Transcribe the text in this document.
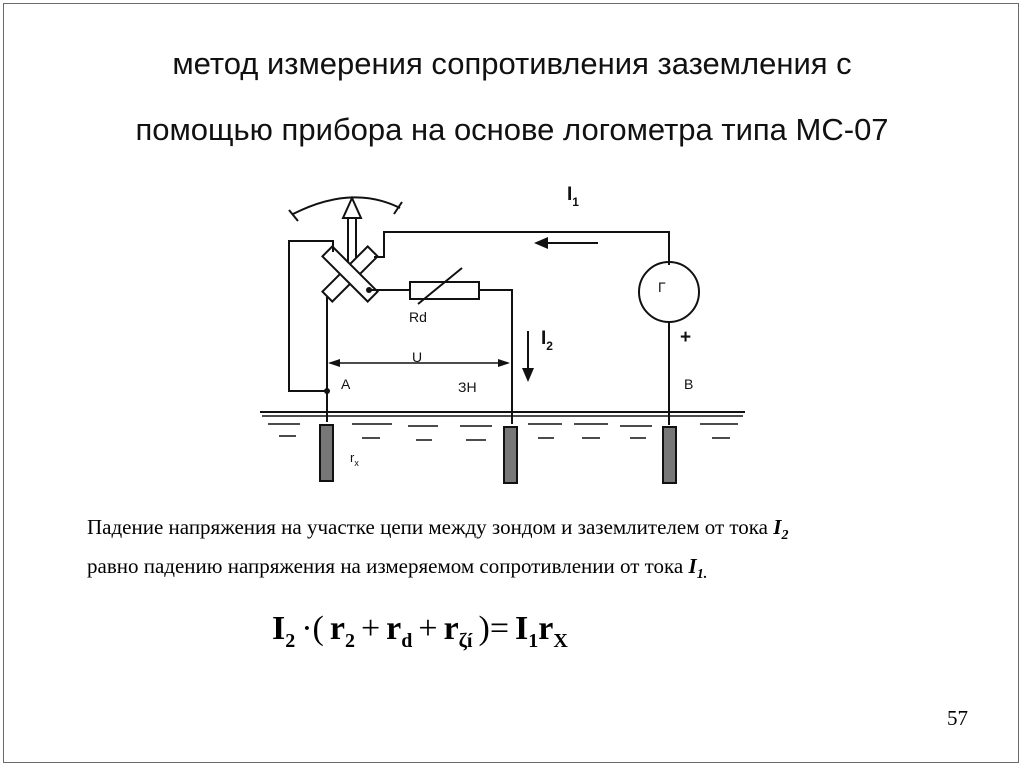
метод измерения сопротивления заземления с
помощью прибора на основе логометра типа МС-07
$I_1$
$I_2$
Rd
Г
+
U
А	ЗН	В
$r_x$

Падение напряжения на участке цепи между зондом и заземлителем от тока $I_2$
равно падению напряжения на измеряемом сопротивлении от тока $I_{1.}$

$I_2$ ·( $r_2 + r_d + r_{\zeta í}$ )= $I_1r_X$
57
